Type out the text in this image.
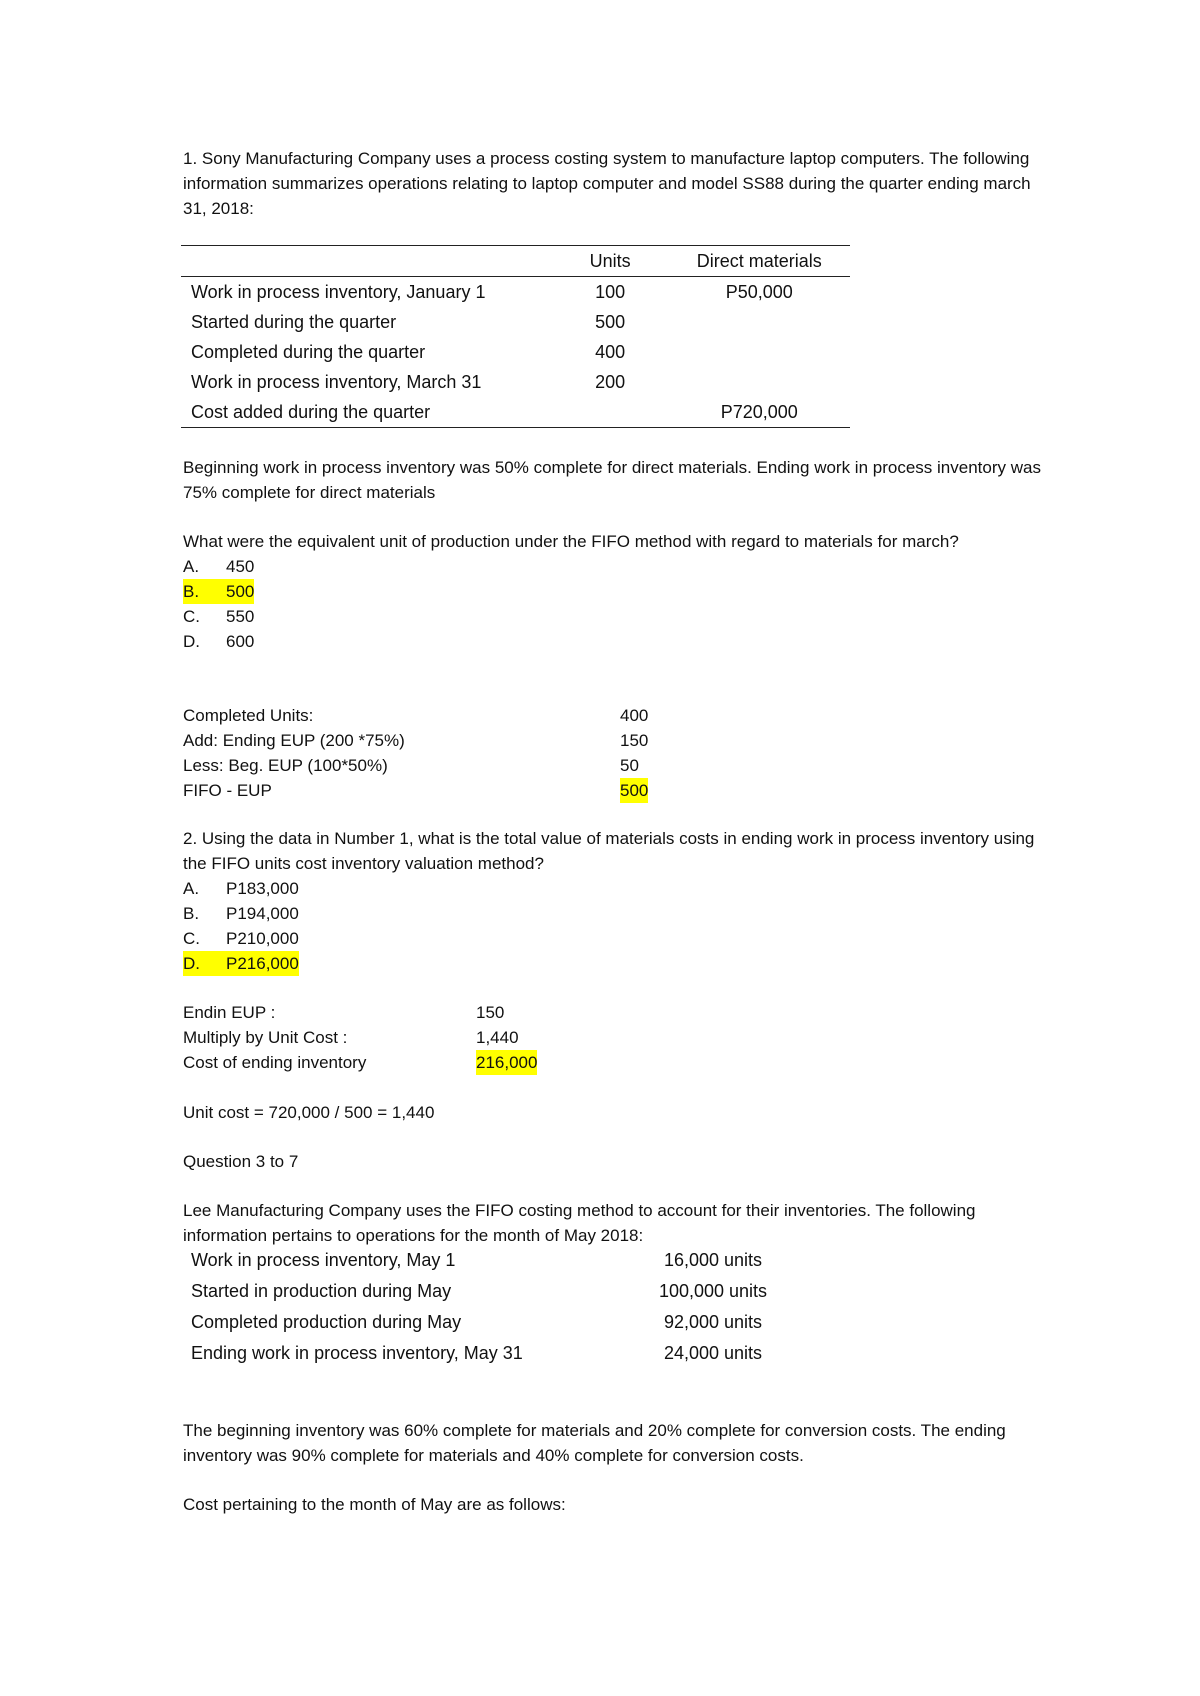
1. Sony Manufacturing Company uses a process costing system to manufacture laptop computers. The following information summarizes operations relating to laptop computer and model SS88 during the quarter ending march 31, 2018:

	Units	Direct materials
Work in process inventory, January 1	100	P50,000
Started during the quarter	500	
Completed during the quarter	400	
Work in process inventory, March 31	200	
Cost added during the quarter		P720,000

Beginning work in process inventory was 50% complete for direct materials. Ending work in process inventory was 75% complete for direct materials

What were the equivalent unit of production under the FIFO method with regard to materials for march?

A.	450
B.	500
C.	550
D.	600
Completed Units:	400
Add: Ending EUP (200 *75%)	150
Less: Beg. EUP (100*50%)	50
FIFO - EUP	500

2. Using the data in Number 1, what is the total value of materials costs in ending work in process inventory using the FIFO units cost inventory valuation method?

A.	P183,000
B.	P194,000
C.	P210,000
D.	P216,000
Endin EUP :	150
Multiply by Unit Cost :	1,440
Cost of ending inventory	216,000

Unit cost = 720,000 / 500 = 1,440

Question 3 to 7

Lee Manufacturing Company uses the FIFO costing method to account for their inventories. The following information pertains to operations for the month of May 2018:

Work in process inventory, May 1	16,000 units
Started in production during May	100,000 units
Completed production during May	92,000 units
Ending work in process inventory, May 31	24,000 units

The beginning inventory was 60% complete for materials and 20% complete for conversion costs. The ending inventory was 90% complete for materials and 40% complete for conversion costs.

Cost pertaining to the month of May are as follows:
